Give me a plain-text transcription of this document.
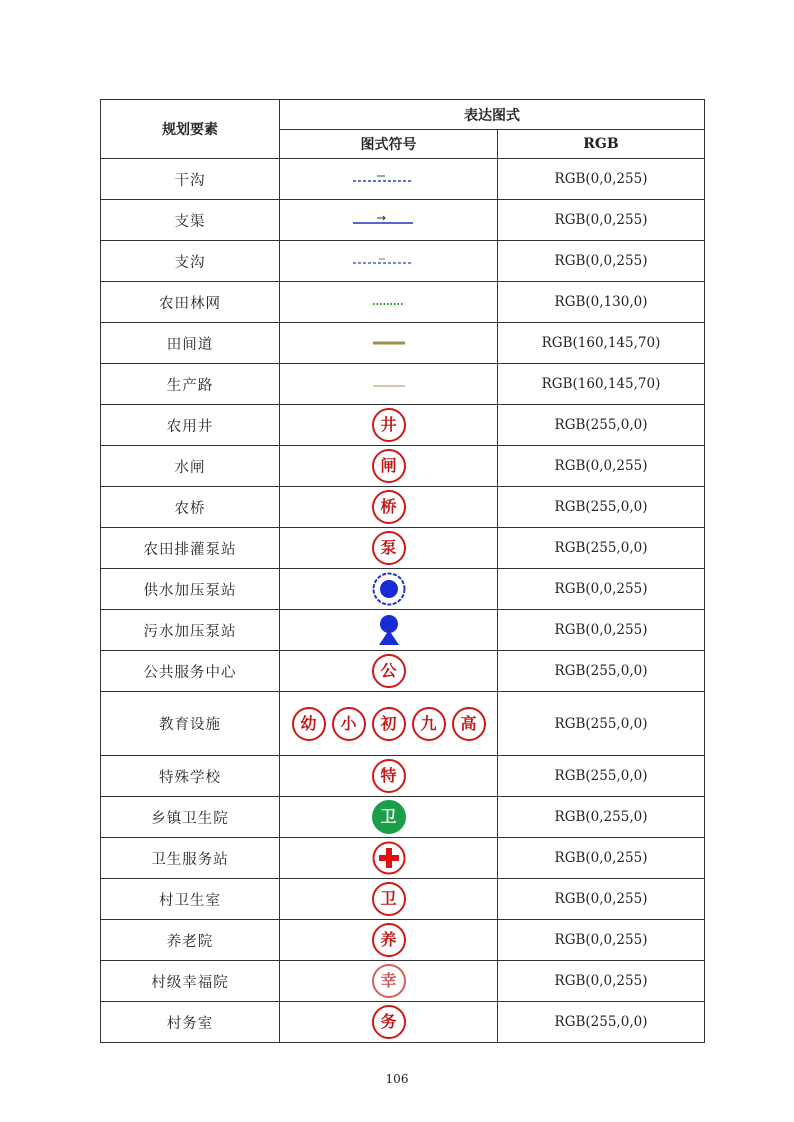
规划要素	表达图式	
	图式符号	RGB
干沟		RGB(0,0,255)
支渠		RGB(0,0,255)
支沟		RGB(0,0,255)
农田林网		RGB(0,130,0)
田间道		RGB(160,145,70)
生产路		RGB(160,145,70)
农用井	井	RGB(255,0,0)
水闸	闸	RGB(0,0,255)
农桥	桥	RGB(255,0,0)
农田排灌泵站	泵	RGB(255,0,0)
供水加压泵站		RGB(0,0,255)
污水加压泵站		RGB(0,0,255)
公共服务中心	公	RGB(255,0,0)
教育设施	幼 小 初 九 高	RGB(255,0,0)
特殊学校	特	RGB(255,0,0)
乡镇卫生院	卫	RGB(0,255,0)
卫生服务站		RGB(0,0,255)
村卫生室	卫	RGB(0,0,255)
养老院	养	RGB(0,0,255)
村级幸福院	幸	RGB(0,0,255)
村务室	务	RGB(255,0,0)
106
